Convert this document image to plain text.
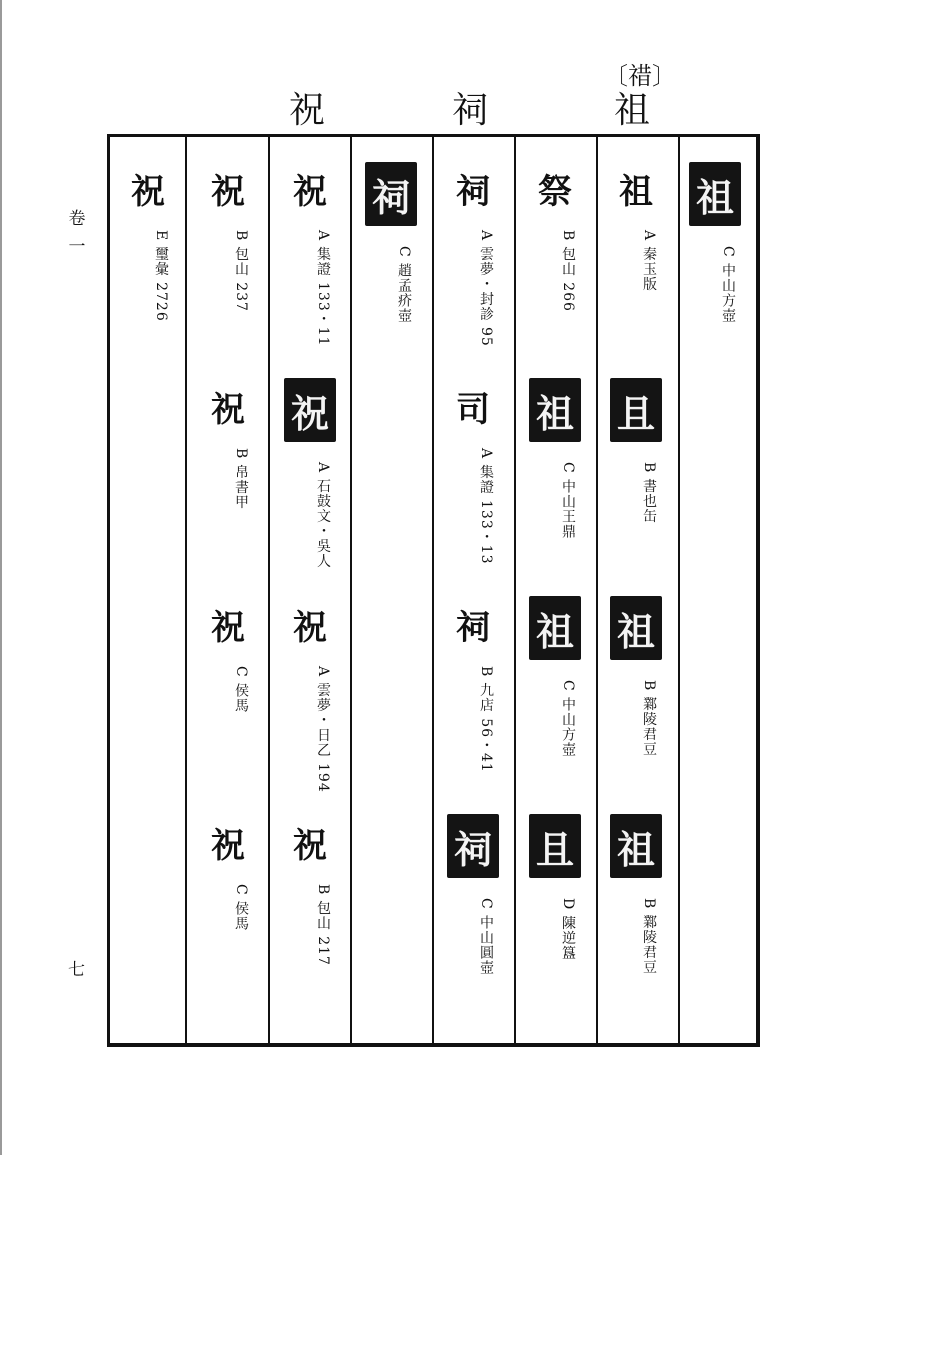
卷
一
七
祝	祠	祖
〔䄍〕
祖
C 中山方壺
祖
A 秦玉版
且
B 書也缶
祖
B 鄴陵君豆
祖
B 鄴陵君豆
祭
B 包山 266
祖
C 中山王鼎
祖
C 中山方壺
且
D 陳逆簋
祠
A 雲夢・封診 95
司
A 集證 133・13
祠
B 九店 56・41
祠
C 中山圓壺
祠
C 趙孟疥壺
祝
A 集證 133・11
祝
A 石鼓文・吳人
祝
A 雲夢・日乙 194
祝
B 包山 217
祝
B 包山 237
祝
B 帛書甲
祝
C 侯馬
祝
C 侯馬
祝
E 璽彙 2726
